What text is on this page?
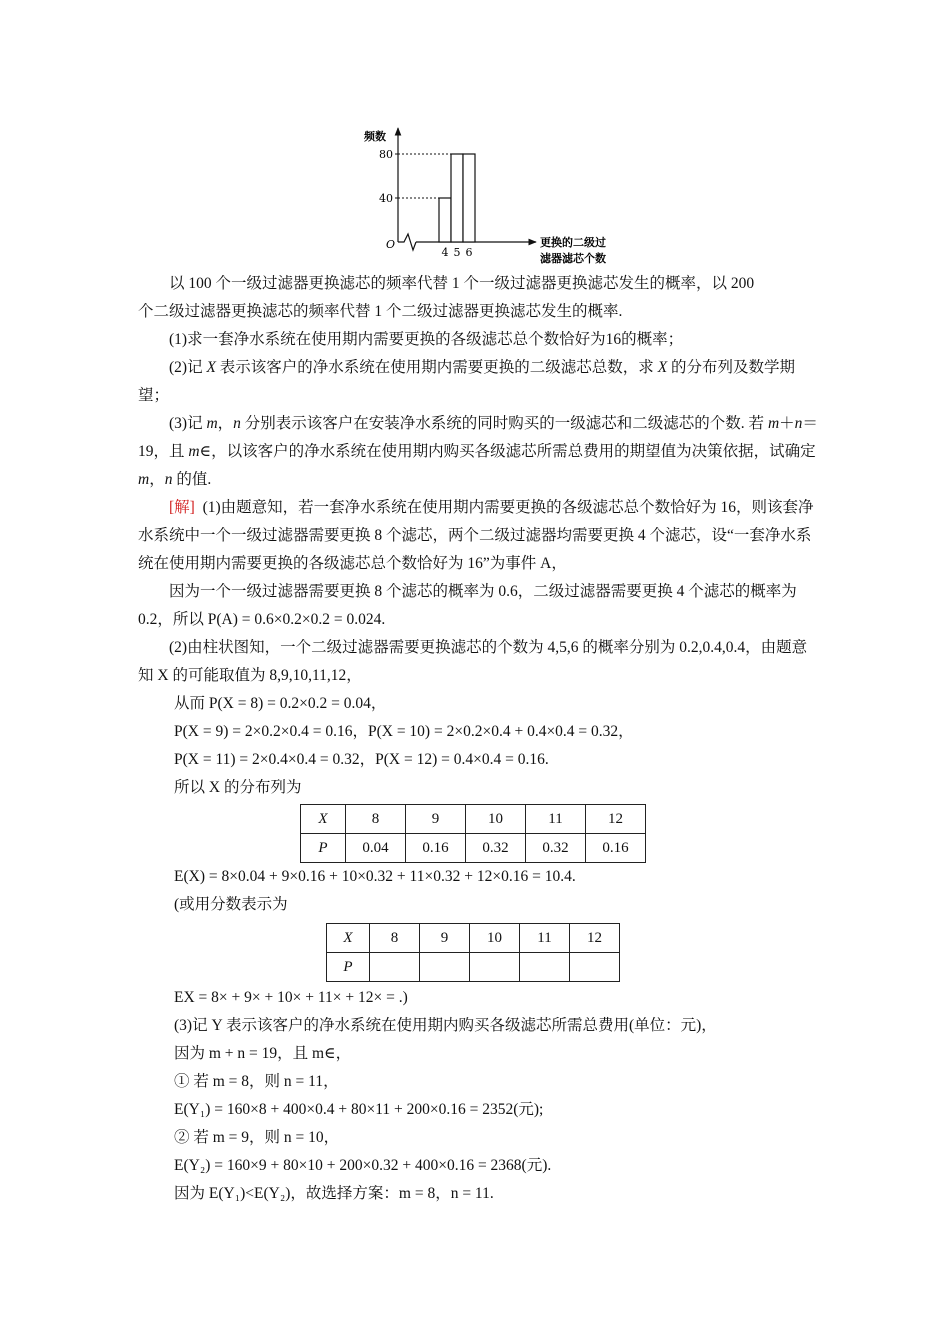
频数
O	更换的二级过
滤器滤芯个数
80
40
4 5 6

以 100 个一级过滤器更换滤芯的频率代替 1 个一级过滤器更换滤芯发生的概率，以 200

个二级过滤器更换滤芯的频率代替 1 个二级过滤器更换滤芯发生的概率.

(1)求一套净水系统在使用期内需要更换的各级滤芯总个数恰好为16的概率；

(2)记 X 表示该客户的净水系统在使用期内需要更换的二级滤芯总数，求 X 的分布列及数学期望；

(3)记 m，n 分别表示该客户在安装净水系统的同时购买的一级滤芯和二级滤芯的个数. 若 m＋n＝19，且 m∈，以该客户的净水系统在使用期内购买各级滤芯所需总费用的期望值为决策依据，试确定 m，n 的值.

[解] (1)由题意知，若一套净水系统在使用期内需要更换的各级滤芯总个数恰好为 16，则该套净水系统中一个一级过滤器需要更换 8 个滤芯，两个二级过滤器均需要更换 4 个滤芯，设“一套净水系统在使用期内需要更换的各级滤芯总个数恰好为 16”为事件 A，

因为一个一级过滤器需要更换 8 个滤芯的概率为 0.6，二级过滤器需要更换 4 个滤芯的概率为 0.2，所以 P(A) = 0.6×0.2×0.2 = 0.024.

(2)由柱状图知，一个二级过滤器需要更换滤芯的个数为 4,5,6 的概率分别为 0.2,0.4,0.4，由题意知 X 的可能取值为 8,9,10,11,12，

从而 P(X = 8) = 0.2×0.2 = 0.04，

P(X = 9) = 2×0.2×0.4 = 0.16，P(X = 10) = 2×0.2×0.4 + 0.4×0.4 = 0.32，

P(X = 11) = 2×0.4×0.4 = 0.32，P(X = 12) = 0.4×0.4 = 0.16.

所以 X 的分布列为

X	8	9	10	11	12
P	0.04	0.16	0.32	0.32	0.16

E(X) = 8×0.04 + 9×0.16 + 10×0.32 + 11×0.32 + 12×0.16 = 10.4.

(或用分数表示为

X	8	9	10	11	12
P					

EX = 8× + 9× + 10× + 11× + 12× = .)

(3)记 Y 表示该客户的净水系统在使用期内购买各级滤芯所需总费用(单位：元)，

因为 m + n = 19，且 m∈，

① 若 m = 8，则 n = 11，

E(Y₁) = 160×8 + 400×0.4 + 80×11 + 200×0.16 = 2352(元);

② 若 m = 9，则 n = 10，

E(Y₂) = 160×9 + 80×10 + 200×0.32 + 400×0.16 = 2368(元).

因为 E(Y₁)<E(Y₂)，故选择方案：m = 8，n = 11.
